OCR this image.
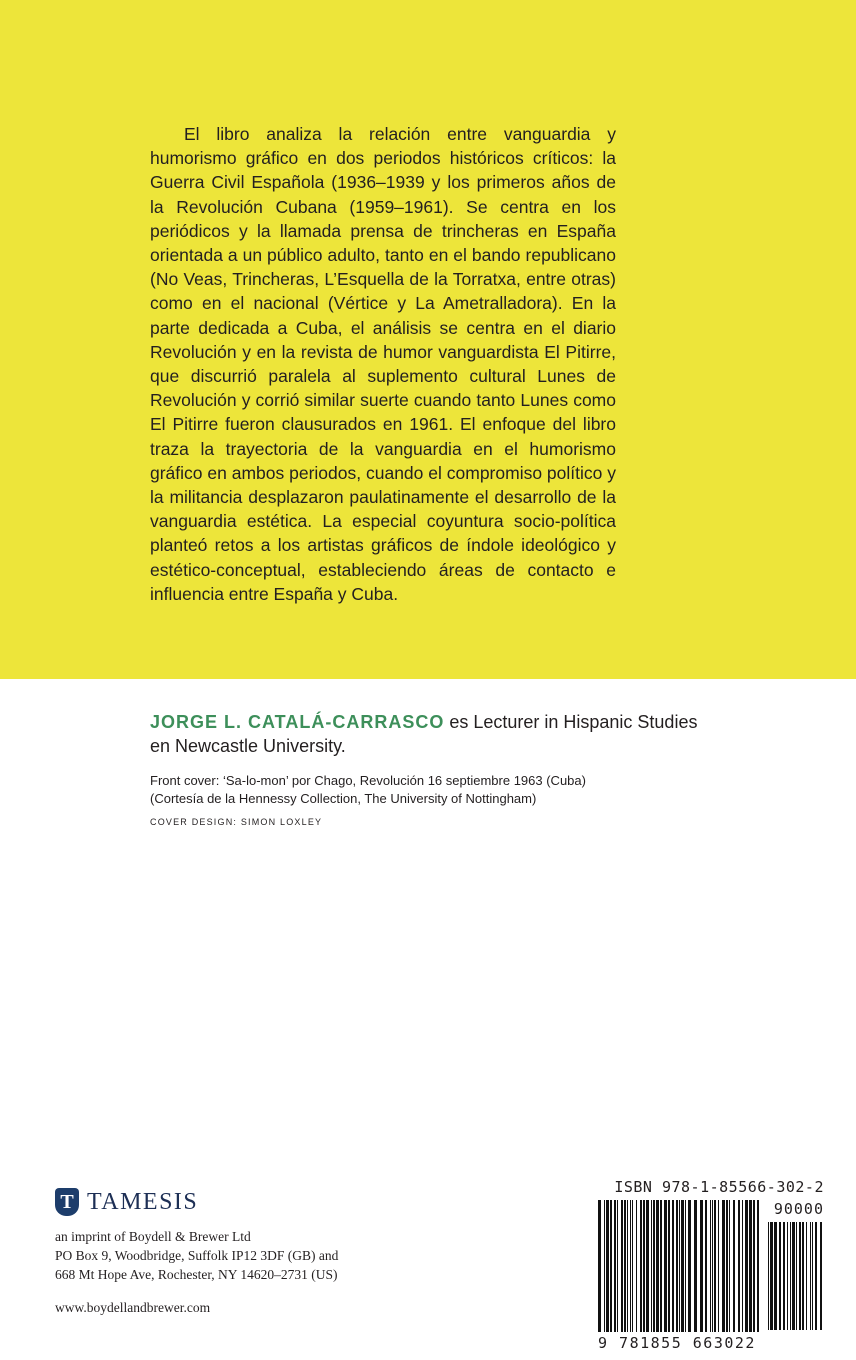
El libro analiza la relación entre vanguardia y humorismo gráfico en dos periodos históricos críticos: la Guerra Civil Española (1936–1939 y los primeros años de la Revolución Cubana (1959–1961). Se centra en los periódicos y la llamada prensa de trincheras en España orientada a un público adulto, tanto en el bando republicano (No Veas, Trincheras, L’Esquella de la Torratxa, entre otras) como en el nacional (Vértice y La Ametralladora). En la parte dedicada a Cuba, el análisis se centra en el diario Revolución y en la revista de humor vanguardista El Pitirre, que discurrió paralela al suplemento cultural Lunes de Revolución y corrió similar suerte cuando tanto Lunes como El Pitirre fueron clausurados en 1961. El enfoque del libro traza la trayectoria de la vanguardia en el humorismo gráfico en ambos periodos, cuando el compromiso político y la militancia desplazaron paulatinamente el desarrollo de la vanguardia estética. La especial coyuntura socio-política planteó retos a los artistas gráficos de índole ideológico y estético-conceptual, estableciendo áreas de contacto e influencia entre España y Cuba.

JORGE L. CATALÁ-CARRASCO es Lecturer in Hispanic Studies en Newcastle University.

Front cover: ‘Sa-lo-mon’ por Chago, Revolución 16 septiembre 1963 (Cuba)
(Cortesía de la Hennessy Collection, The University of Nottingham)
COVER DESIGN: SIMON LOXLEY
T TAMESIS
an imprint of Boydell & Brewer Ltd
PO Box 9, Woodbridge, Suffolk IP12 3DF (GB) and
668 Mt Hope Ave, Rochester, NY 14620–2731 (US)
www.boydellandbrewer.com
ISBN 978-1-85566-302-2
90000
9 781855 663022
